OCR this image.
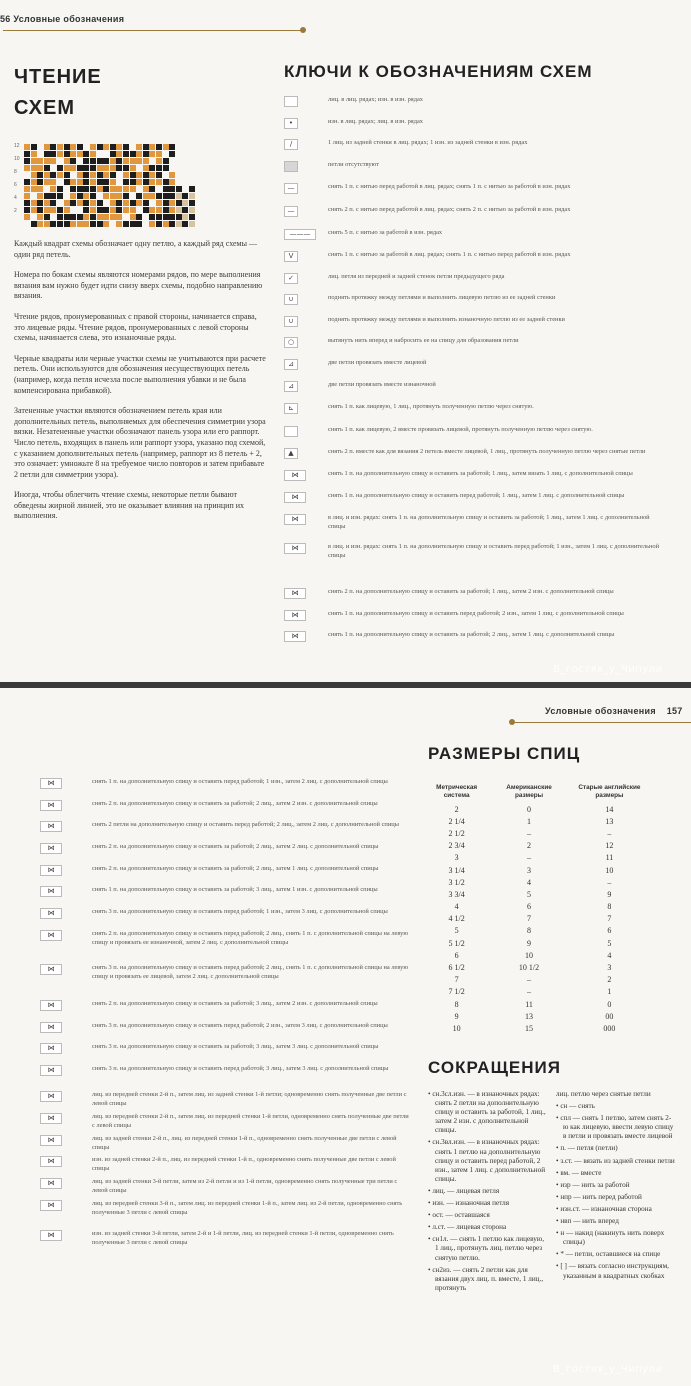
56 Условные обозначения
ЧТЕНИЕ
СХЕМ
12
10
8
6
4
2

Каждый квадрат схемы обозначает одну петлю, а каждый ряд схемы — один ряд петель.

Номера по бокам схемы являются номерами рядов, по мере выполнения вязания вам нужно будет идти снизу вверх схемы, подобно направлению вязания.

Чтение рядов, пронумерованных с правой стороны, начинается справа, это лицевые ряды. Чтение рядов, пронумерованных с левой стороны схемы, начинается слева, это изнаночные ряды.

Черные квадраты или черные участки схемы не учитываются при расчете петель. Они используются для обозначения несуществующих петель (например, когда петля исчезла после выполнения убавки и не была компенсирована прибавкой).

Затененные участки являются обозначением петель края или дополнительных петель, выполняемых для обеспечения симметрии узора вязки. Незатененные участки обозначают панель узора или его раппорт. Число петель, входящих в панель или раппорт узора, указано под схемой, с указанием дополнительных петель (например, раппорт из 8 петель + 2, это означает: умножьте 8 на требуемое число повторов и затем прибавьте 2 петли для симметрии узора).

Иногда, чтобы облегчить чтение схемы, некоторые петли бывают обведены жирной линией, это не оказывает влияния на принцип их выполнения.

КЛЮЧИ К ОБОЗНАЧЕНИЯМ СХЕМ
лиц. в лиц. рядах; изн. в изн. рядах
•	изн. в лиц. рядах; лиц. в изн. рядах
/	1 лиц. из задней стенки в лиц. рядах; 1 изн. из задней стенки в изн. рядах
петли отсутствуют
—	снять 1 п. с нитью перед работой в лиц. рядах; снять 1 п. с нитью за работой в изн. рядах
—	снять 2 п. с нитью перед работой в лиц. рядах; снять 2 п. с нитью за работой в изн. рядах
———	снять 5 п. с нитью за работой в изн. рядах
V	снять 1 п. с нитью за работой в лиц. рядах; снять 1 п. с нитью перед работой в изн. рядах
✓	лиц. петля из передней и задней стенок петли предыдущего ряда
∪	поднять протяжку между петлями и выполнить лицевую петлю из ее задней стенки
∪	поднять протяжку между петлями и выполнить изнаночную петлю из ее задней стенки
○	вытянуть нить вперед и набросить ее на спицу для образования петли
⊿	две петли провязать вместе лицевой
⊿	две петли провязать вместе изнаночной
⊾	снять 1 п. как лицевую, 1 лиц., протянуть полученную петлю через снятую.
снять 1 п. как лицевую, 2 вместе провязать лицевой, протянуть полученную петлю через снятую.
▲	снять 2 п. вместе как для вязания 2 петель вместе лицевой, 1 лиц., протянуть полученную петлю через снятые петли
⋈	снять 1 п. на дополнительную спицу и оставить за работой; 1 лиц., затем вязать 1 лиц. с дополнительной спицы
⋈	снять 1 п. на дополнительную спицу и оставить перед работой; 1 лиц., затем 1 лиц. с дополнительной спицы
⋈	в лиц. и изн. рядах: снять 1 п. на дополнительную спицу и оставить за работой; 1 лиц., затем 1 лиц. с дополнительной спицы
⋈	в лиц. и изн. рядах: снять 1 п. на дополнительную спицу и оставить перед работой; 1 изн., затем 1 лиц. с дополнительной спицы
⋈	снять 2 п. на дополнительную спицу и оставить за работой; 1 лиц., затем 2 изн. с дополнительной спицы
⋈	снять 1 п. на дополнительную спицу и оставить перед работой; 2 изн., затем 1 лиц. с дополнительной спицы
⋈	снять 1 п. на дополнительную спицу и оставить за работой; 2 лиц., затем 1 лиц. с дополнительной спицы
В_гостях_у_Чипули
Условные обозначения 157
⋈	снять 1 п. на дополнительную спицу и оставить перед работой; 1 изн., затем 2 лиц. с дополнительной спицы
⋈	снять 2 п. на дополнительную спицу и оставить за работой; 2 лиц., затем 2 изн. с дополнительной спицы
⋈	снять 2 петли на дополнительную спицу и оставить перед работой; 2 лиц., затем 2 лиц. с дополнительной спицы
⋈	снять 2 п. на дополнительную спицу и оставить за работой; 2 лиц., затем 2 лиц. с дополнительной спицы
⋈	снять 2 п. на дополнительную спицу и оставить за работой; 2 лиц., затем 1 лиц. с дополнительной спицы
⋈	снять 1 п. на дополнительную спицу и оставить за работой; 3 лиц., затем 1 изн. с дополнительной спицы
⋈	снять 3 п. на дополнительную спицу и оставить перед работой; 1 изн., затем 3 лиц. с дополнительной спицы
⋈	снять 2 п. на дополнительную спицу и оставить перед работой; 2 лиц., снять 1 п. с дополнительной спицы на левую спицу и провязать ее изнаночной, затем 2 лиц. с дополнительной спицы
⋈	снять 3 п. на дополнительную спицу и оставить перед работой; 2 лиц., снять 1 п. с дополнительной спицы на левую спицу и провязать ее лицевой, затем 2 лиц. с дополнительной спицы
⋈	снять 2 п. на дополнительную спицу и оставить за работой; 3 лиц., затем 2 изн. с дополнительной спицы
⋈	снять 3 п. на дополнительную спицу и оставить перед работой; 2 изн., затем 3 лиц. с дополнительной спицы
⋈	снять 3 п. на дополнительную спицу и оставить за работой; 3 лиц., затем 3 лиц. с дополнительной спицы
⋈	снять 3 п. на дополнительную спицу и оставить перед работой; 3 лиц., затем 3 лиц. с дополнительной спицы
⋈	лиц. из передней стенки 2-й п., затем лиц. из задней стенки 1-й петли; одновременно снять полученные две петли с левой спицы
⋈	лиц. из передней стенки 2-й п., затем лиц. из передней стенки 1-й петли, одновременно снять полученные две петли с левой спицы
⋈	лиц. из задней стенки 2-й п., лиц. из передней стенки 1-й п., одновременно снять полученные две петли с левой спицы
⋈	изн. из задней стенки 2-й п., лиц. из передней стенки 1-й п., одновременно снять полученные две петли с левой спицы
⋈	лиц. из задней стенки 3-й петли, затем из 2-й петли и из 1-й петли, одновременно снять полученные три петли с левой спицы
⋈	лиц. из передней стенки 3-й п., затем лиц. из передней стенки 1-й п., затем лиц. из 2-й петли, одновременно снять полученные 3 петли с левой спицы
⋈	изн. из задней стенки 3-й петли, затем 2-й и 1-й петли, лиц. из передней стенки 1-й петли, одновременно снять полученные 3 петли с левой спицы
РАЗМЕРЫ СПИЦ
Метрическая система	Американские размеры	Старые английские размеры
2	0	14
2 1/4	1	13
2 1/2	–	–
2 3/4	2	12
3	–	11
3 1/4	3	10
3 1/2	4	–
3 3/4	5	9
4	6	8
4 1/2	7	7
5	8	6
5 1/2	9	5
6	10	4
6 1/2	10 1/2	3
7	–	2
7 1/2	–	1
8	11	0
9	13	00
10	15	000
СОКРАЩЕНИЯ
• сн.3сл.изн. — в изнаночных рядах: снять 2 петли на дополнительную спицу и оставить за работой, 1 лиц., затем 2 изн. с дополнительной спицы.
• сн.3вл.изн. — в изнаночных рядах: снять 1 петлю на дополнительную спицу и оставить перед работой, 2 изн., затем 1 лиц. с дополнительной спицы.
• лиц. — лицевая петля
• изн. — изнаночная петля
• ост. — оставшаяся
• л.ст. — лицевая сторона
• сн1л. — снять 1 петлю как лицевую, 1 лиц., протянуть лиц. петлю через снятую петлю.
• сн2из. — снять 2 петли как для вязания двух лиц. п. вместе, 1 лиц., протянуть
лиц. петлю через снятые петли
• сн — снять
• спл — снять 1 петлю, затем снять 2-ю как лицевую, ввести левую спицу в петли и провязать вместе лицевой
• п. — петля (петли)
• з.ст. — вязать из задней стенки петли
• вм. — вместе
• изр — нить за работой
• нпр — нить перед работой
• изн.ст. — изнаночная сторона
• нвп — нить вперед
• н — накид (накинуть нить поверх спицы)
• * — петли, оставшиеся на спице
• [ ] — вязать согласно инструкциям, указанным в квадратных скобках
В_гостях_у_Чипули
